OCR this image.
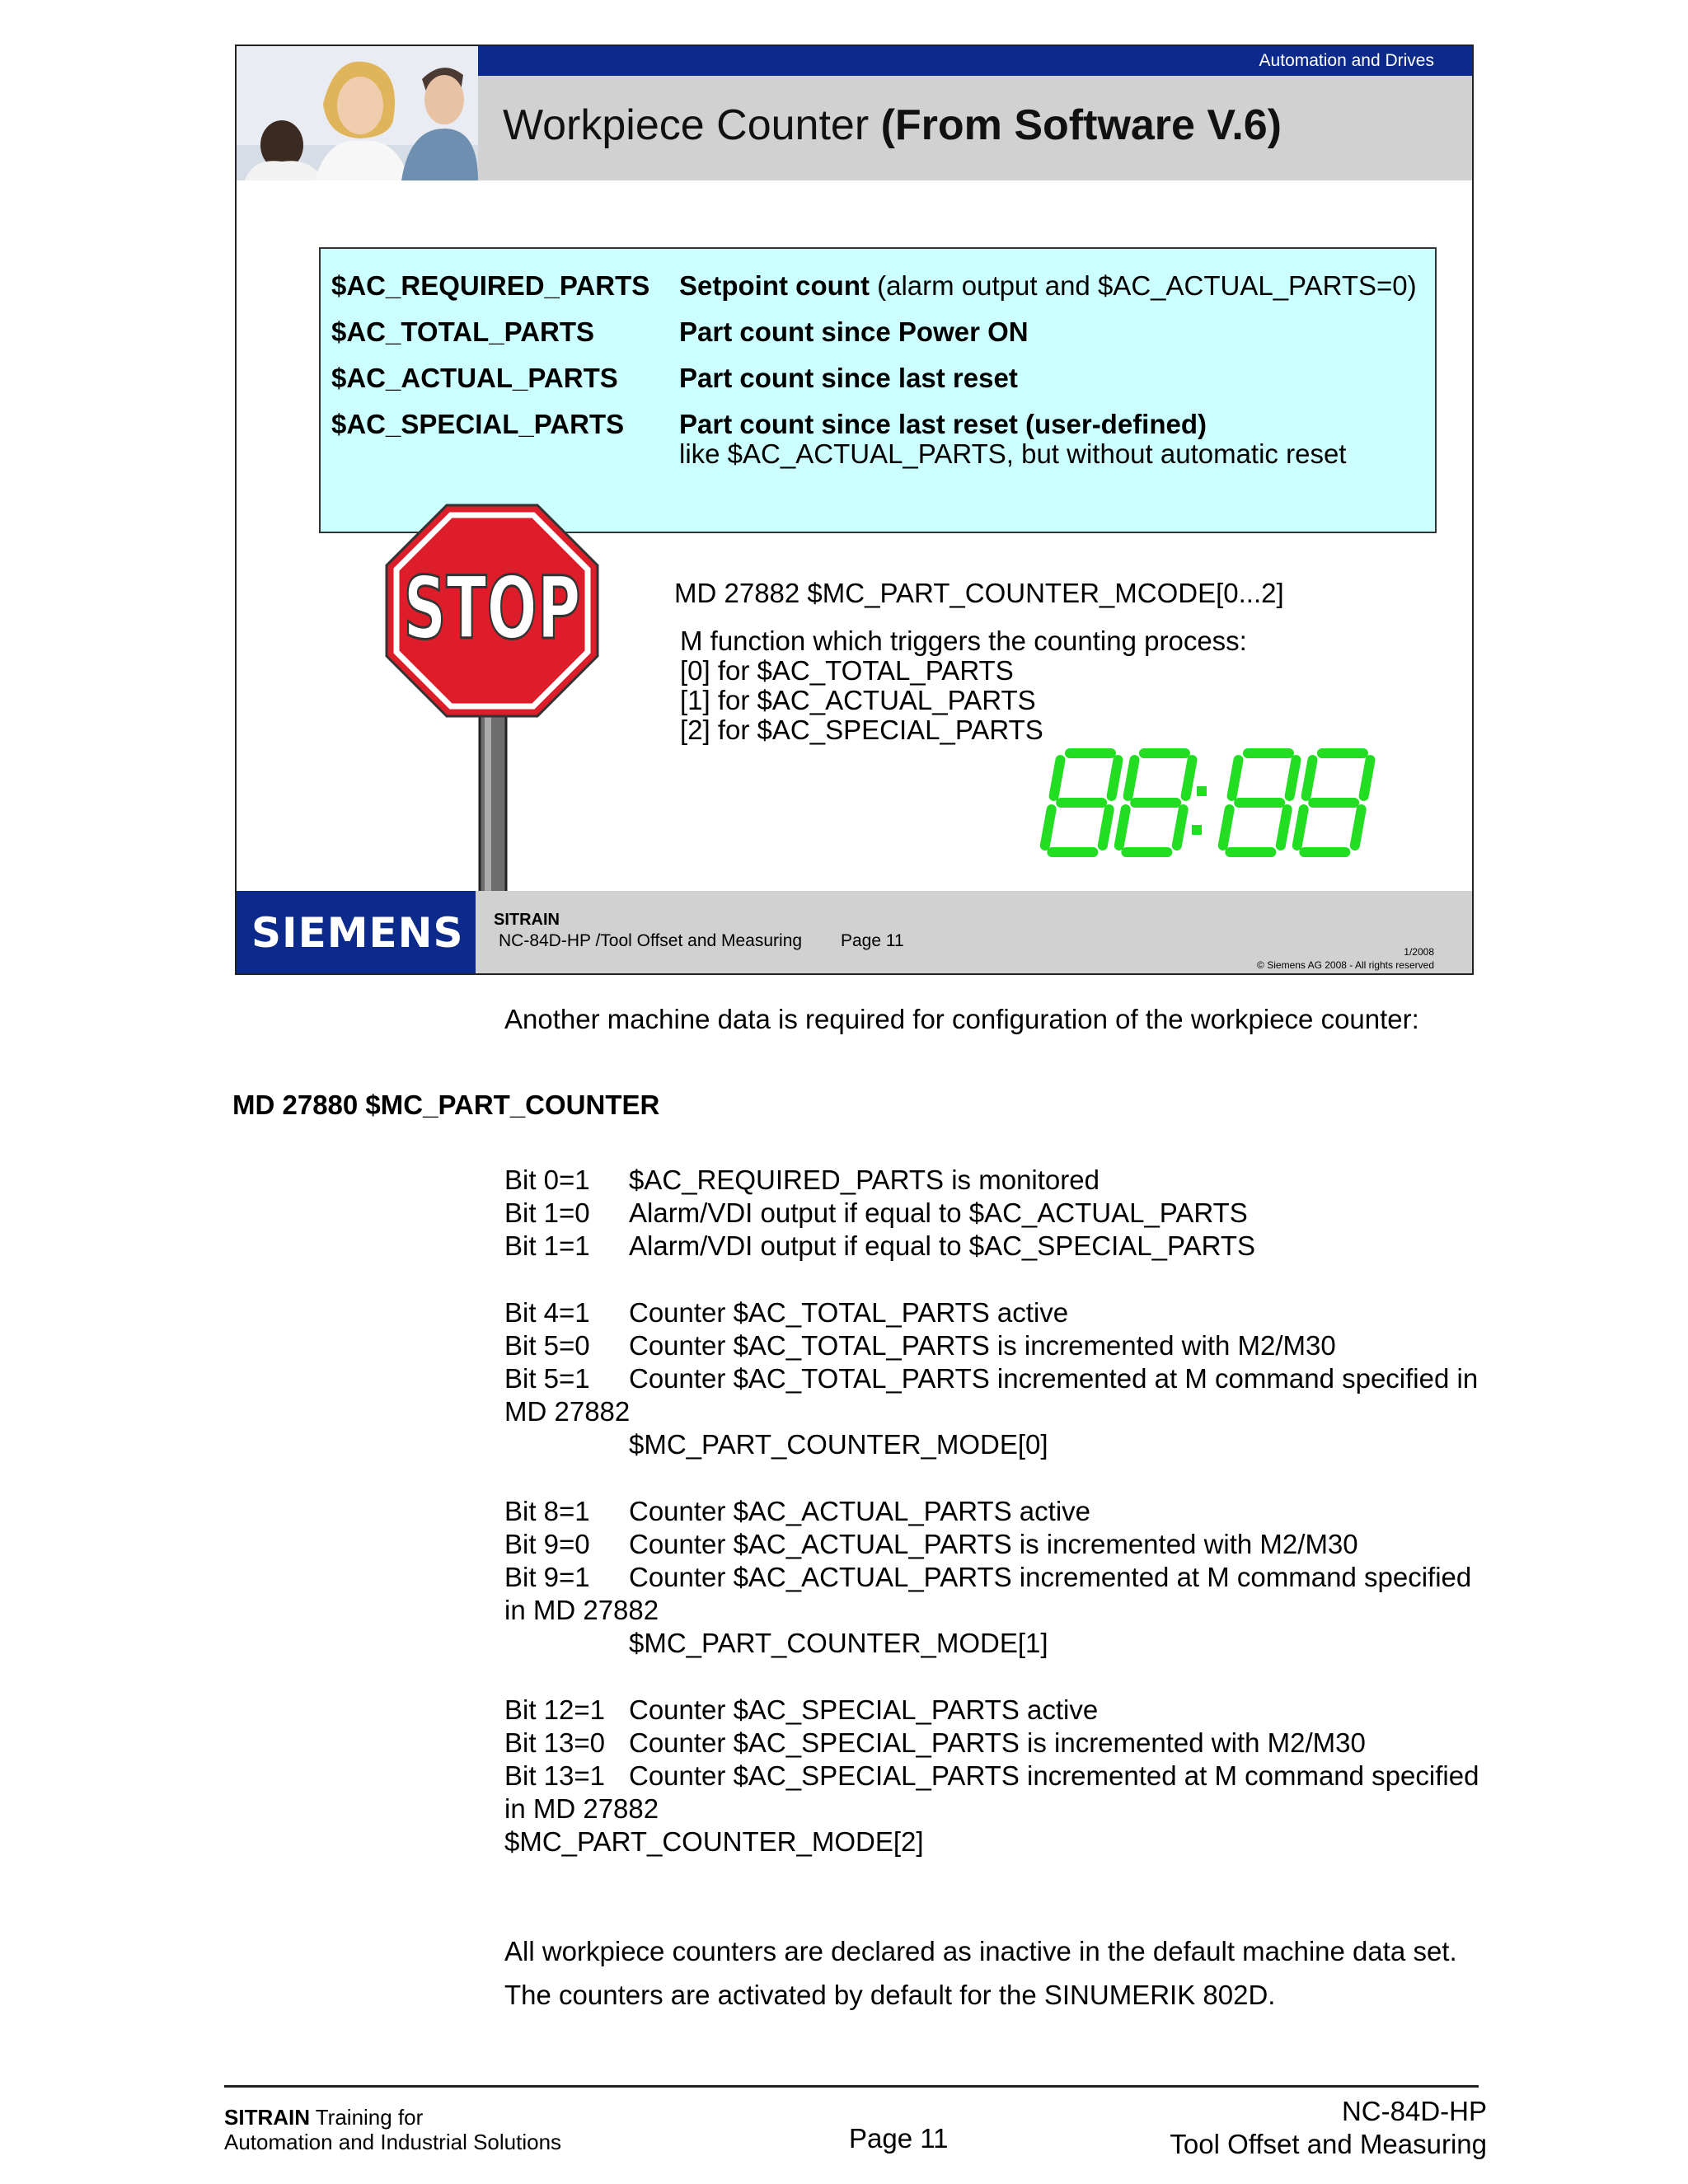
Automation and Drives
Workpiece Counter (From Software V.6)
$AC_REQUIRED_PARTS Setpoint count (alarm output and $AC_ACTUAL_PARTS=0)
$AC_TOTAL_PARTS	Part count since Power ON
$AC_ACTUAL_PARTS Part count since last reset
$AC_SPECIAL_PARTS Part count since last reset (user-defined)
like $AC_ACTUAL_PARTS, but without automatic reset
STOP	MD 27882 $MC_PART_COUNTER_MCODE[0...2]
M function which triggers the counting process:
[0] for $AC_TOTAL_PARTS
[1] for $AC_ACTUAL_PARTS
[2] for $AC_SPECIAL_PARTS
SIEMENS SITRAIN
NC-84D-HP /Tool Offset and Measuring Page 11
1/2008
© Siemens AG 2008 - All rights reserved
Another machine data is required for configuration of the workpiece counter:
MD 27880 $MC_PART_COUNTER
Bit 0=1 $AC_REQUIRED_PARTS is monitored
Bit 1=0 Alarm/VDI output if equal to $AC_ACTUAL_PARTS
Bit 1=1 Alarm/VDI output if equal to $AC_SPECIAL_PARTS
Bit 4=1 Counter $AC_TOTAL_PARTS active
Bit 5=0 Counter $AC_TOTAL_PARTS is incremented with M2/M30
Bit 5=1 Counter $AC_TOTAL_PARTS incremented at M command specified in
MD 27882
$MC_PART_COUNTER_MODE[0]
Bit 8=1 Counter $AC_ACTUAL_PARTS active
Bit 9=0 Counter $AC_ACTUAL_PARTS is incremented with M2/M30
Bit 9=1 Counter $AC_ACTUAL_PARTS incremented at M command specified
in MD 27882
$MC_PART_COUNTER_MODE[1]
Bit 12=1 Counter $AC_SPECIAL_PARTS active
Bit 13=0 Counter $AC_SPECIAL_PARTS is incremented with M2/M30
Bit 13=1 Counter $AC_SPECIAL_PARTS incremented at M command specified
in MD 27882
$MC_PART_COUNTER_MODE[2]
All workpiece counters are declared as inactive in the default machine data set.
The counters are activated by default for the SINUMERIK 802D.
SITRAIN Training for
Automation and Industrial Solutions	Page 11
NC-84D-HP
Tool Offset and Measuring
